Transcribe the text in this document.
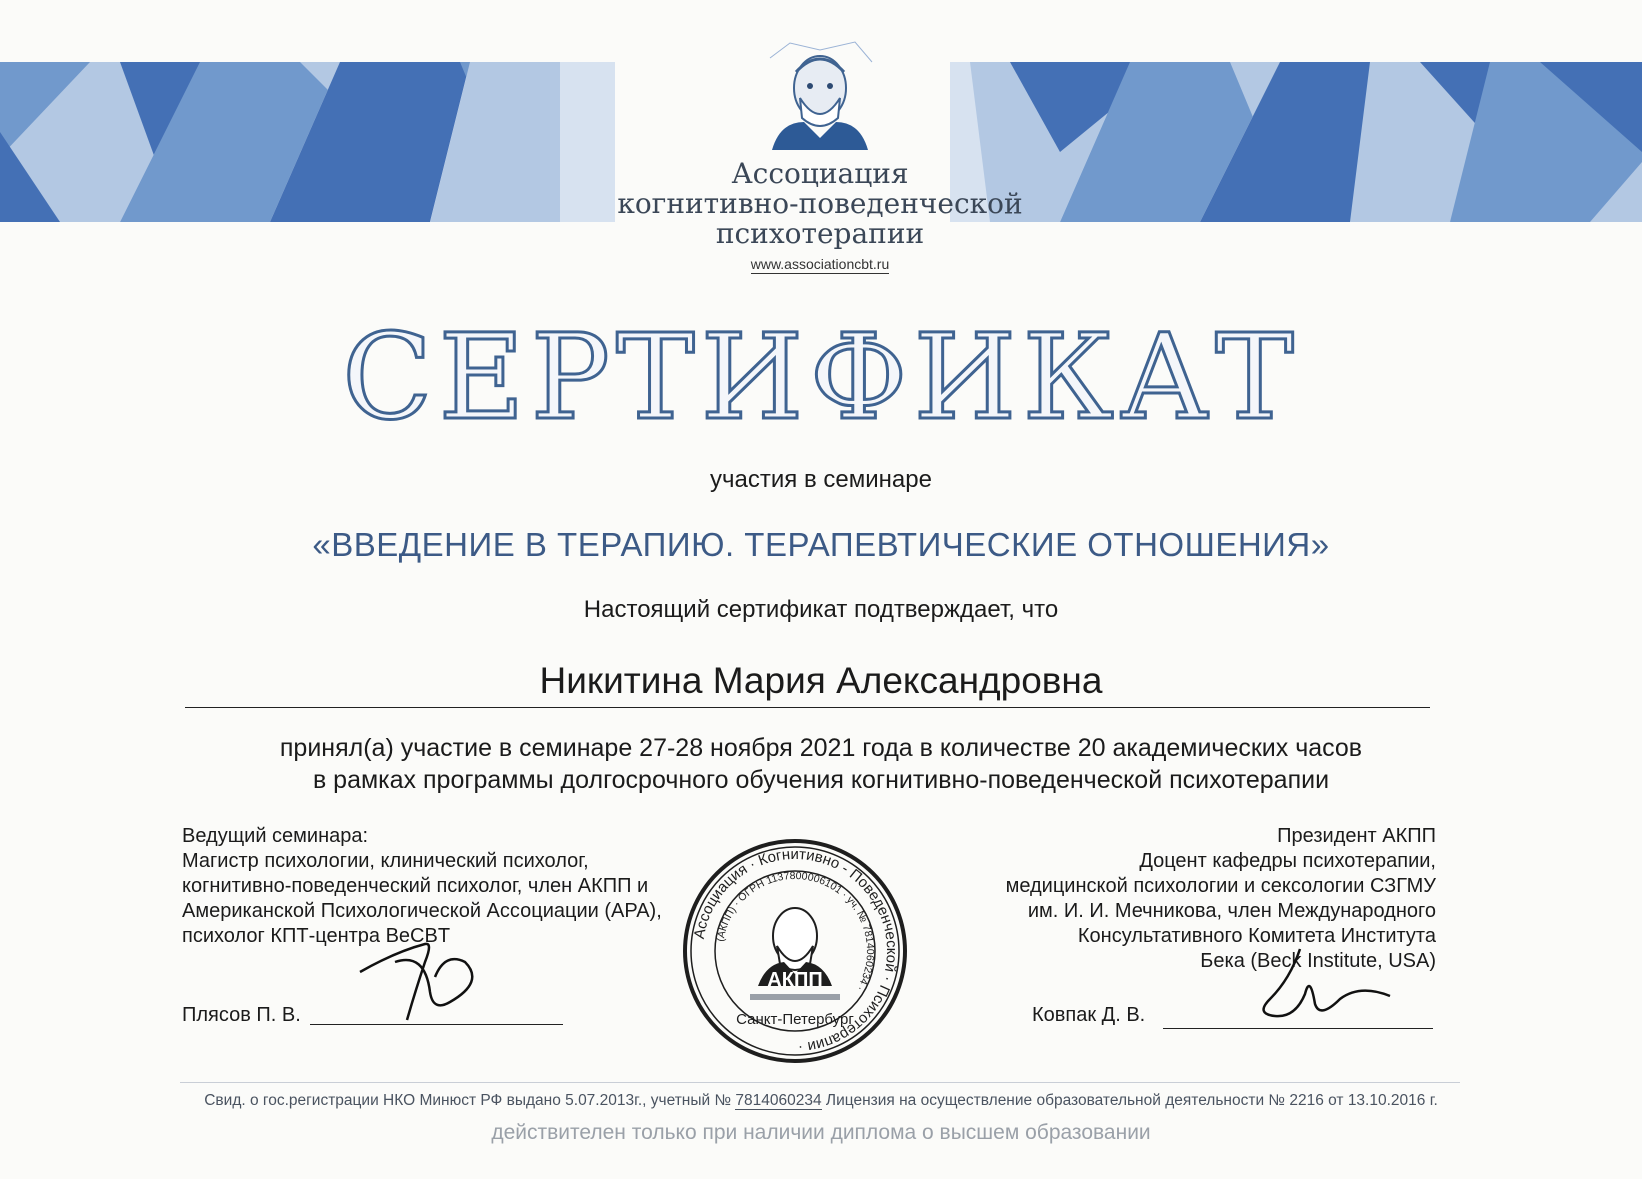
Ассоциация
когнитивно-поведенческой
психотерапии
www.associationcbt.ru
СЕРТИФИКАТ
участия в семинаре
«ВВЕДЕНИЕ В ТЕРАПИЮ. ТЕРАПЕВТИЧЕСКИЕ ОТНОШЕНИЯ»
Настоящий сертификат подтверждает, что
Никитина Мария Александровна
принял(а) участие в семинаре 27-28 ноября 2021 года в количестве 20 академических часов
в рамках программы долгосрочного обучения когнитивно-поведенческой психотерапии
Ведущий семинара:
Магистр психологии, клинический психолог,
когнитивно-поведенческий психолог, член АКПП и
Американской Психологической Ассоциации (APA),
психолог КПТ-центра BeCBT
Президент АКПП
Доцент кафедры психотерапии,
медицинской психологии и сексологии СЗГМУ
им. И. И. Мечникова, член Международного
Консультативного Комитета Института
Бека (Beck Institute, USA)
Плясов П. В.	Ковпак Д. В.
Ассоциация · Когнитивно - Поведенческой · Психотерапии ·
(АКПП) · ОГРН 1137800006101 · уч. № 7814060234 ·
АКПП
Санкт-Петербург
Свид. о гос.регистрации НКО Минюст РФ выдано 5.07.2013г., учетный № 7814060234 Лицензия на осуществление образовательной деятельности № 2216 от 13.10.2016 г.
действителен только при наличии диплома о высшем образовании
